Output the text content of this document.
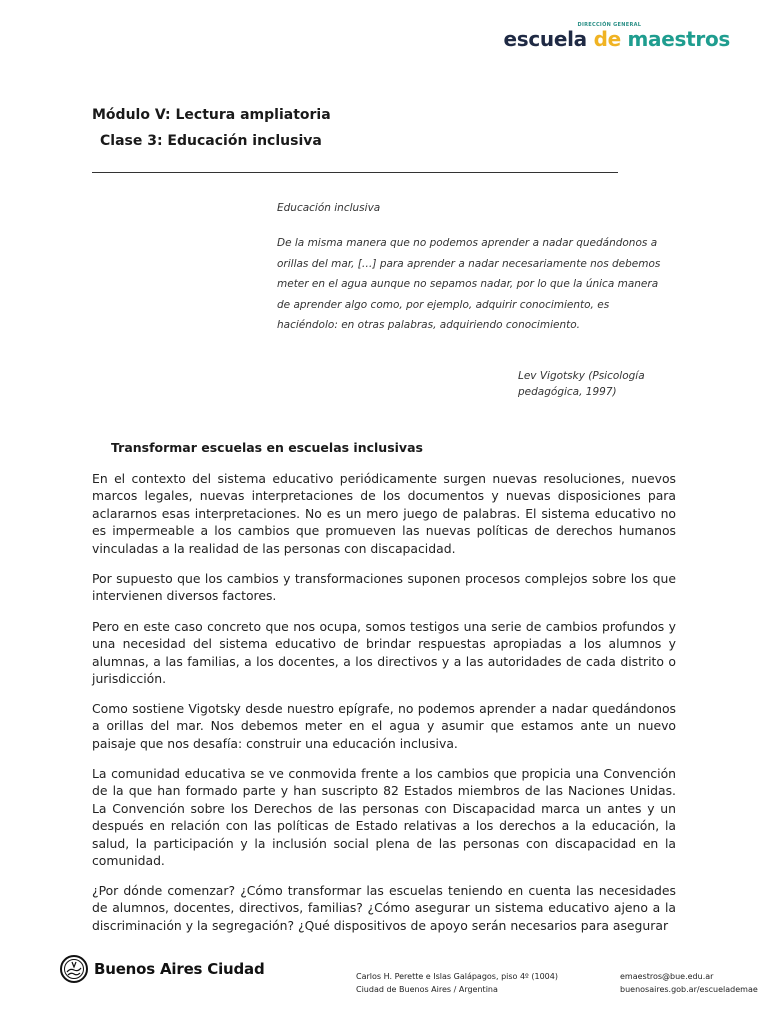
DIRECCIÓN GENERAL
escuela de maestros
Módulo V: Lectura ampliatoria
Clase 3: Educación inclusiva
Educación inclusiva
De la misma manera que no podemos aprender a nadar quedándonos a orillas del mar, […] para aprender a nadar necesariamente nos debemos meter en el agua aunque no sepamos nadar, por lo que la única manera de aprender algo como, por ejemplo, adquirir conocimiento, es haciéndolo: en otras palabras, adquiriendo conocimiento.
Lev Vigotsky (Psicología pedagógica, 1997)
Transformar escuelas en escuelas inclusivas
En el contexto del sistema educativo periódicamente surgen nuevas resoluciones, nuevos marcos legales, nuevas interpretaciones de los documentos y nuevas disposiciones para aclararnos esas interpretaciones. No es un mero juego de palabras. El sistema educativo no es impermeable a los cambios que promueven las nuevas políticas de derechos humanos vinculadas a la realidad de las personas con discapacidad.
Por supuesto que los cambios y transformaciones suponen procesos complejos sobre los que intervienen diversos factores.
Pero en este caso concreto que nos ocupa, somos testigos una serie de cambios profundos y una necesidad del sistema educativo de brindar respuestas apropiadas a los alumnos y alumnas, a las familias, a los docentes, a los directivos y a las autoridades de cada distrito o jurisdicción.
Como sostiene Vigotsky desde nuestro epígrafe, no podemos aprender a nadar quedándonos a orillas del mar. Nos debemos meter en el agua y asumir que estamos ante un nuevo paisaje que nos desafía: construir una educación inclusiva.
La comunidad educativa se ve conmovida frente a los cambios que propicia una Convención de la que han formado parte y han suscripto 82 Estados miembros de las Naciones Unidas. La Convención sobre los Derechos de las personas con Discapacidad marca un antes y un después en relación con las políticas de Estado relativas a los derechos a la educación, la salud, la participación y la inclusión social plena de las personas con discapacidad en la comunidad.
¿Por dónde comenzar? ¿Cómo transformar las escuelas teniendo en cuenta las necesidades de alumnos, docentes, directivos, familias? ¿Cómo asegurar un sistema educativo ajeno a la discriminación y la segregación? ¿Qué dispositivos de apoyo serán necesarios para asegurar
Buenos Aires Ciudad	Carlos H. Perette e Islas Galápagos, piso 4º (1004)
Ciudad de Buenos Aires / Argentina
emaestros@bue.edu.ar
buenosaires.gob.ar/escuelademae
